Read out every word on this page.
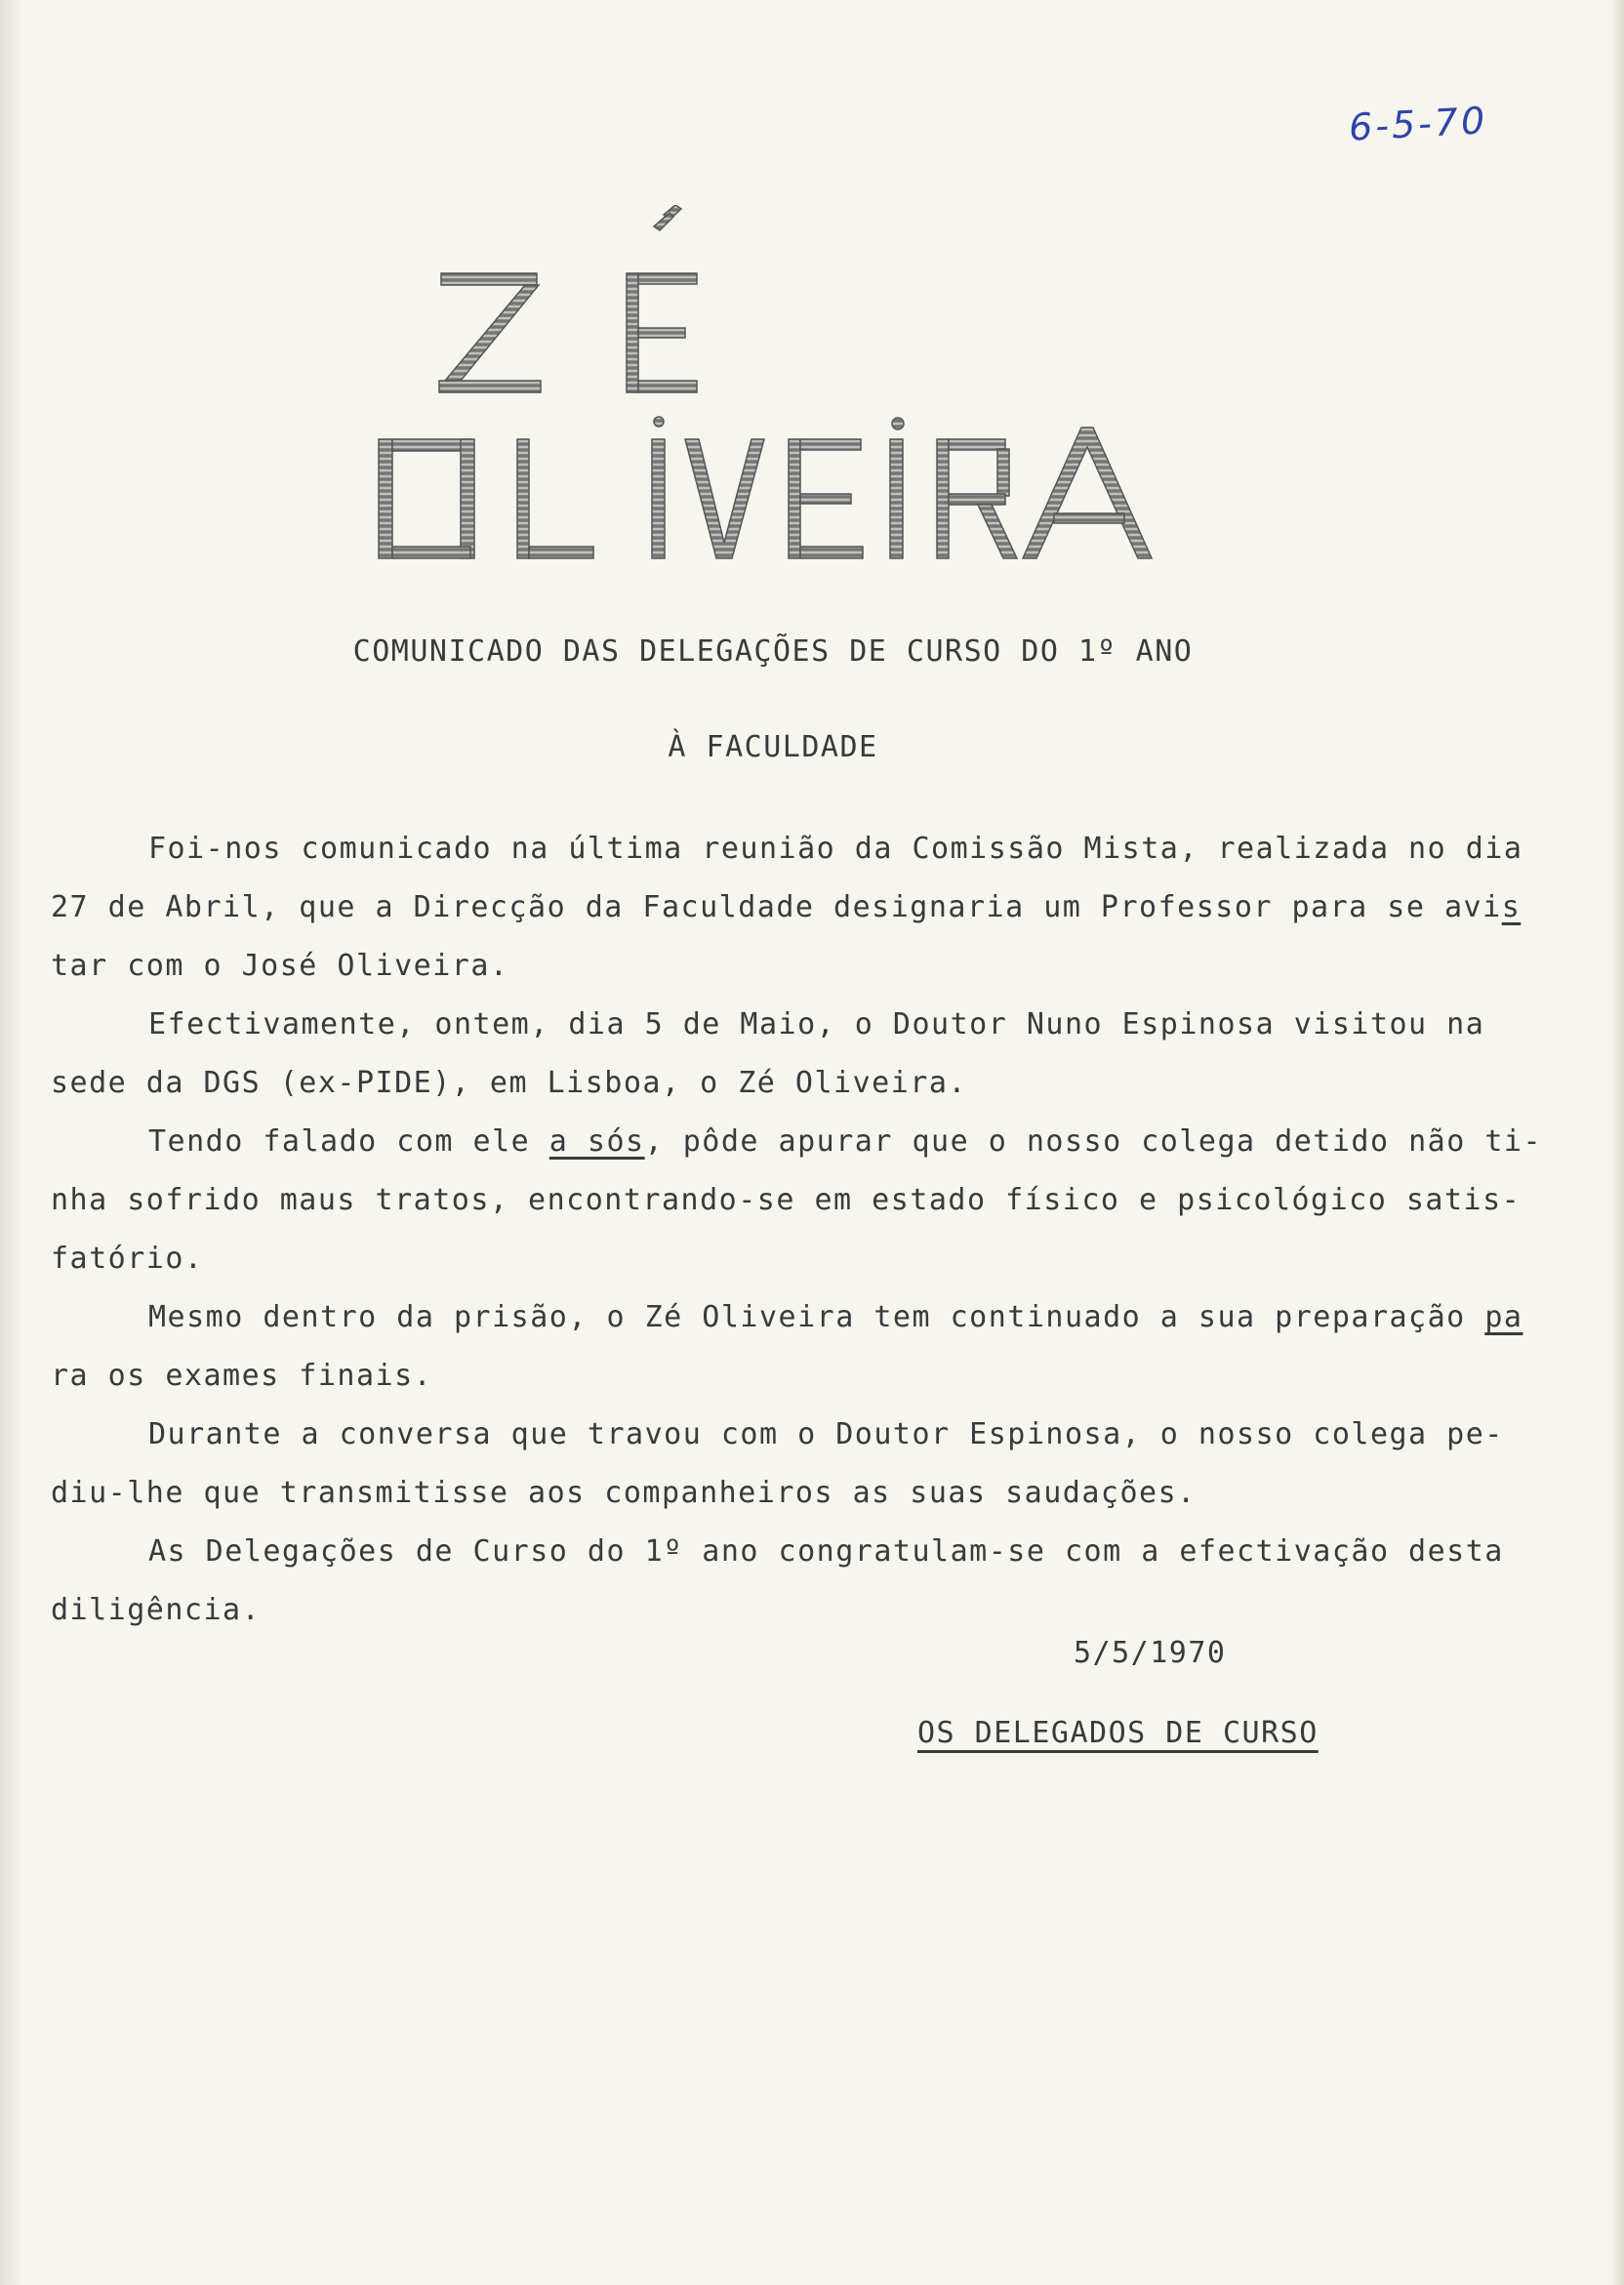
6-5-70
COMUNICADO DAS DELEGAÇÕES DE CURSO DO 1º ANO
À FACULDADE
Foi-nos comunicado na última reunião da Comissão Mista, realizada no dia
27 de Abril, que a Direcção da Faculdade designaria um Professor para se avis
tar com o José Oliveira.
Efectivamente, ontem, dia 5 de Maio, o Doutor Nuno Espinosa visitou na
sede da DGS (ex-PIDE), em Lisboa, o Zé Oliveira.
Tendo falado com ele a sós, pôde apurar que o nosso colega detido não ti-
nha sofrido maus tratos, encontrando-se em estado físico e psicológico satis-
fatório.
Mesmo dentro da prisão, o Zé Oliveira tem continuado a sua preparação pa
ra os exames finais.
Durante a conversa que travou com o Doutor Espinosa, o nosso colega pe-
diu-lhe que transmitisse aos companheiros as suas saudações.
As Delegações de Curso do 1º ano congratulam-se com a efectivação desta
diligência.
5/5/1970
OS DELEGADOS DE CURSO
